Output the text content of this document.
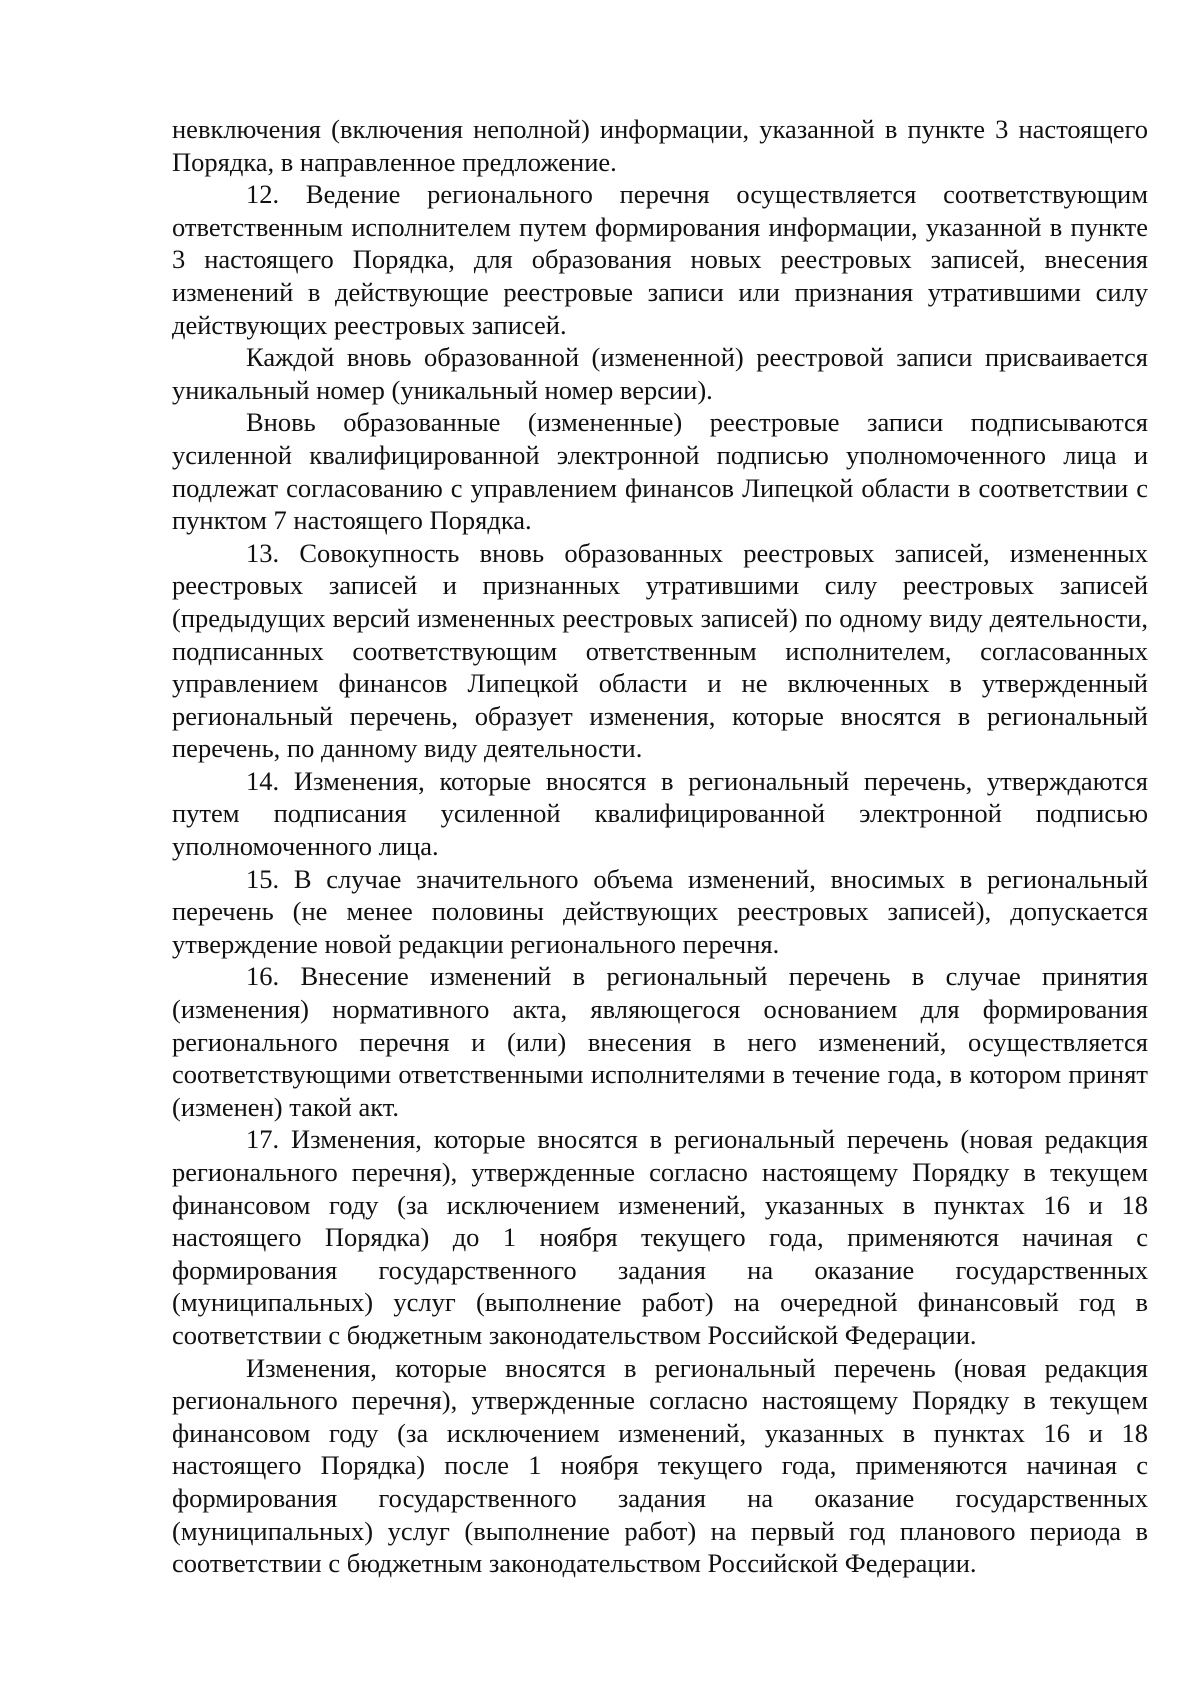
невключения (включения неполной) информации, указанной в пункте 3 настоящего Порядка, в направленное предложение.

12. Ведение регионального перечня осуществляется соответствующим ответственным исполнителем путем формирования информации, указанной в пункте 3 настоящего Порядка, для образования новых реестровых записей, внесения изменений в действующие реестровые записи или признания утратившими силу действующих реестровых записей.

Каждой вновь образованной (измененной) реестровой записи присваивается уникальный номер (уникальный номер версии).

Вновь образованные (измененные) реестровые записи подписываются усиленной квалифицированной электронной подписью уполномоченного лица и подлежат согласованию с управлением финансов Липецкой области в соответствии с пунктом 7 настоящего Порядка.

13. Совокупность вновь образованных реестровых записей, измененных реестровых записей и признанных утратившими силу реестровых записей (предыдущих версий измененных реестровых записей) по одному виду деятельности, подписанных соответствующим ответственным исполнителем, согласованных управлением финансов Липецкой области и не включенных в утвержденный региональный перечень, образует изменения, которые вносятся в региональный перечень, по данному виду деятельности.

14. Изменения, которые вносятся в региональный перечень, утверждаются путем подписания усиленной квалифицированной электронной подписью уполномоченного лица.

15. В случае значительного объема изменений, вносимых в региональный перечень (не менее половины действующих реестровых записей), допускается утверждение новой редакции регионального перечня.

16. Внесение изменений в региональный перечень в случае принятия (изменения) нормативного акта, являющегося основанием для формирования регионального перечня и (или) внесения в него изменений, осуществляется соответствующими ответственными исполнителями в течение года, в котором принят (изменен) такой акт.

17. Изменения, которые вносятся в региональный перечень (новая редакция регионального перечня), утвержденные согласно настоящему Порядку в текущем финансовом году (за исключением изменений, указанных в пунктах 16 и 18 настоящего Порядка) до 1 ноября текущего года, применяются начиная с формирования государственного задания на оказание государственных (муниципальных) услуг (выполнение работ) на очередной финансовый год в соответствии с бюджетным законодательством Российской Федерации.

Изменения, которые вносятся в региональный перечень (новая редакция регионального перечня), утвержденные согласно настоящему Порядку в текущем финансовом году (за исключением изменений, указанных в пунктах 16 и 18 настоящего Порядка) после 1 ноября текущего года, применяются начиная с формирования государственного задания на оказание государственных (муниципальных) услуг (выполнение работ) на первый год планового периода в соответствии с бюджетным законодательством Российской Федерации.
